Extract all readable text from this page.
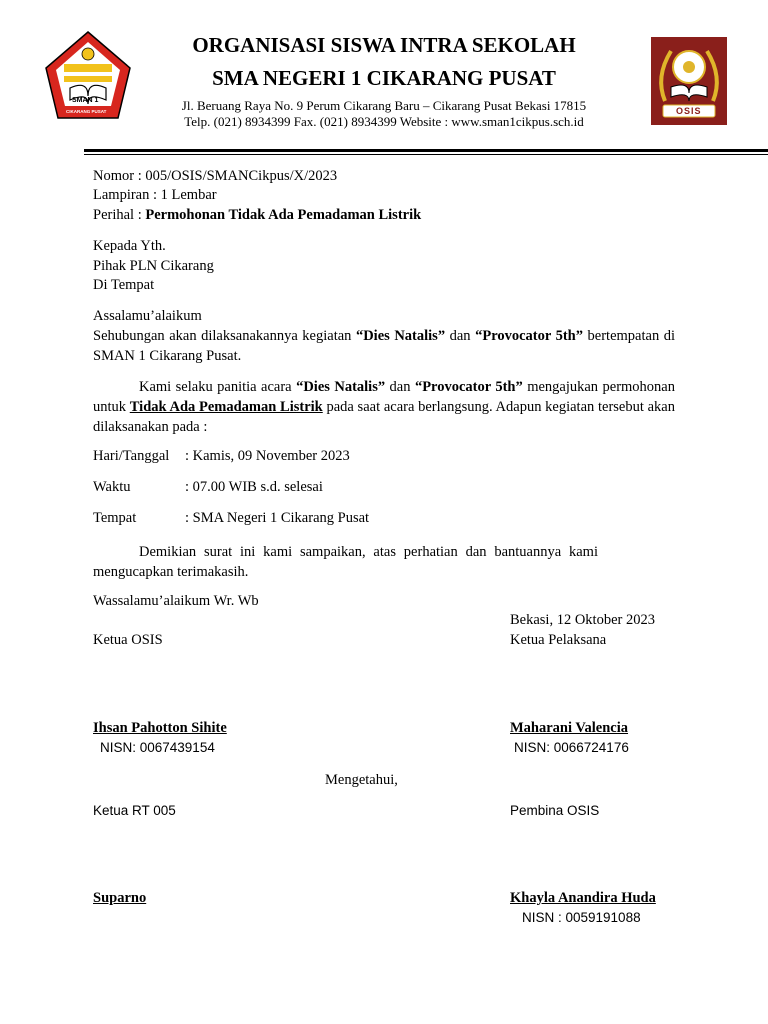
SMAN 1
CIKARANG PUSAT	OSIS
ORGANISASI SISWA INTRA SEKOLAH
SMA NEGERI 1 CIKARANG PUSAT
Jl. Beruang Raya No. 9 Perum Cikarang Baru – Cikarang Pusat Bekasi 17815
Telp. (021) 8934399 Fax. (021) 8934399 Website : www.sman1cikpus.sch.id
Nomor : 005/OSIS/SMANCikpus/X/2023
Lampiran : 1 Lembar
Perihal : Permohonan Tidak Ada Pemadaman Listrik
Kepada Yth.
Pihak PLN Cikarang
Di Tempat
Assalamu’alaikum
Sehubungan akan dilaksanakannya kegiatan “Dies Natalis” dan “Provocator 5th” bertempatan di SMAN 1 Cikarang Pusat.
Kami selaku panitia acara “Dies Natalis” dan “Provocator 5th” mengajukan permohonan untuk Tidak Ada Pemadaman Listrik pada saat acara berlangsung. Adapun kegiatan tersebut akan dilaksanakan pada :
Hari/Tanggal : Kamis, 09 November 2023
Waktu	: 07.00 WIB s.d. selesai
Tempat	: SMA Negeri 1 Cikarang Pusat
Demikian surat ini kami sampaikan, atas perhatian dan bantuannya kami mengucapkan terimakasih.
Wassalamu’alaikum Wr. Wb
Bekasi, 12 Oktober 2023
Ketua OSIS	Ketua Pelaksana
Ihsan Pahotton Sihite
NISN: 0067439154
Maharani Valencia
NISN: 0066724176
Mengetahui,
Ketua RT 005	Pembina OSIS
Suparno	Khayla Anandira Huda
NISN : 0059191088
